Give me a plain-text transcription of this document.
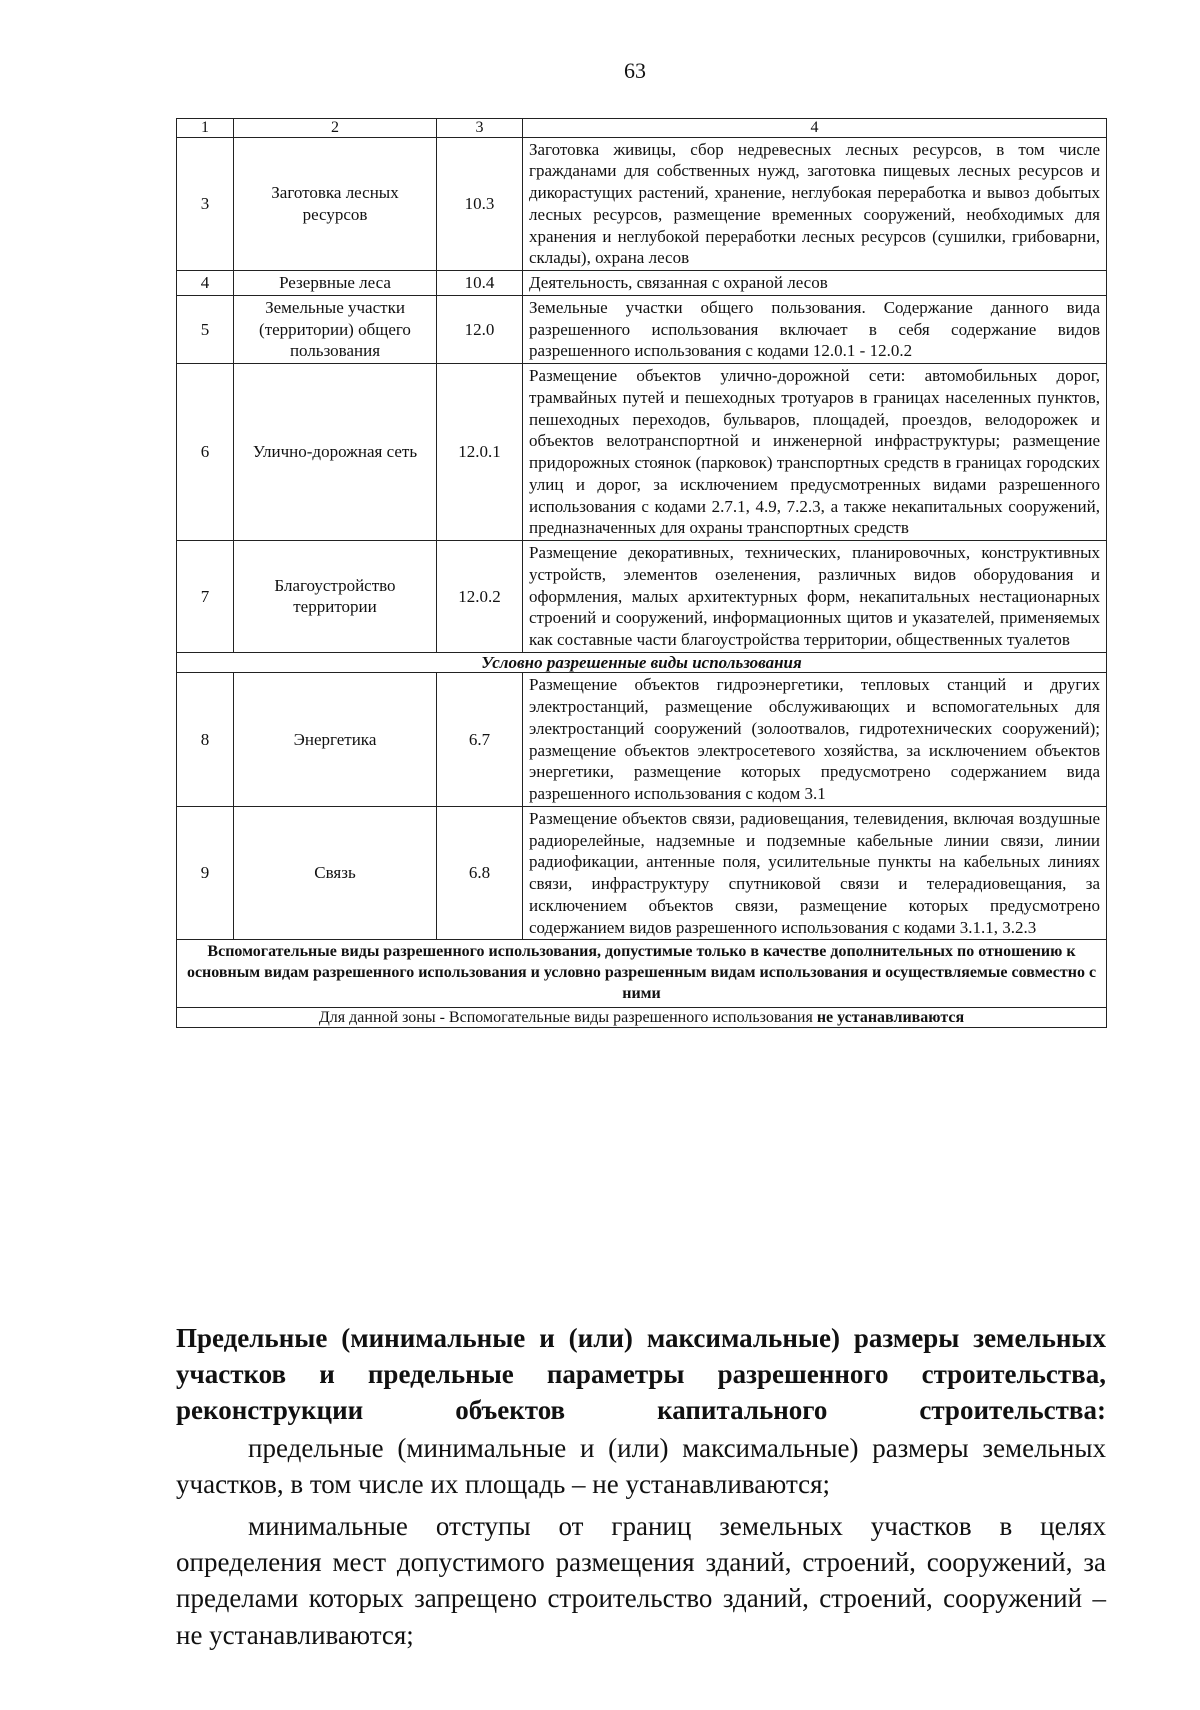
63
1	2	3	4
3	Заготовка лесных ресурсов	10.3	Заготовка живицы, сбор недревесных лесных ресурсов, в том числе гражданами для собственных нужд, заготовка пищевых лесных ресурсов и дикорастущих растений, хранение, неглубокая переработка и вывоз добытых лесных ресурсов, размещение временных сооружений, необходимых для хранения и неглубокой переработки лесных ресурсов (сушилки, грибоварни, склады), охрана лесов
4	Резервные леса	10.4	Деятельность, связанная с охраной лесов
5	Земельные участки (территории) общего пользования	12.0	Земельные участки общего пользования. Содержание данного вида разрешенного использования включает в себя содержание видов разрешенного использования с кодами 12.0.1 - 12.0.2
6	Улично-дорожная сеть	12.0.1	Размещение объектов улично-дорожной сети: автомобильных дорог, трамвайных путей и пешеходных тротуаров в границах населенных пунктов, пешеходных переходов, бульваров, площадей, проездов, велодорожек и объектов велотранспортной и инженерной инфраструктуры; размещение придорожных стоянок (парковок) транспортных средств в границах городских улиц и дорог, за исключением предусмотренных видами разрешенного использования с кодами 2.7.1, 4.9, 7.2.3, а также некапитальных сооружений, предназначенных для охраны транспортных средств
7	Благоустройство территории	12.0.2	Размещение декоративных, технических, планировочных, конструктивных устройств, элементов озеленения, различных видов оборудования и оформления, малых архитектурных форм, некапитальных нестационарных строений и сооружений, информационных щитов и указателей, применяемых как составные части благоустройства территории, общественных туалетов
Условно разрешенные виды использования			
8	Энергетика	6.7	Размещение объектов гидроэнергетики, тепловых станций и других электростанций, размещение обслуживающих и вспомогательных для электростанций сооружений (золоотвалов, гидротехнических сооружений); размещение объектов электросетевого хозяйства, за исключением объектов энергетики, размещение которых предусмотрено содержанием вида разрешенного использования с кодом 3.1
9	Связь	6.8	Размещение объектов связи, радиовещания, телевидения, включая воздушные радиорелейные, надземные и подземные кабельные линии связи, линии радиофикации, антенные поля, усилительные пункты на кабельных линиях связи, инфраструктуру спутниковой связи и телерадиовещания, за исключением объектов связи, размещение которых предусмотрено содержанием видов разрешенного использования с кодами 3.1.1, 3.2.3
Вспомогательные виды разрешенного использования, допустимые только в качестве дополнительных по отношению к основным видам разрешенного использования и условно разрешенным видам использования и осуществляемые совместно с ними			
Для данной зоны - Вспомогательные виды разрешенного использования не устанавливаются			
Предельные (минимальные и (или) максимальные) размеры земельных участков и предельные параметры разрешенного строительства, реконструкции объектов капитального строительства:
предельные (минимальные и (или) максимальные) размеры земельных участков, в том числе их площадь – не устанавливаются;
минимальные отступы от границ земельных участков в целях определения мест допустимого размещения зданий, строений, сооружений, за пределами которых запрещено строительство зданий, строений, сооружений – не устанавливаются;
